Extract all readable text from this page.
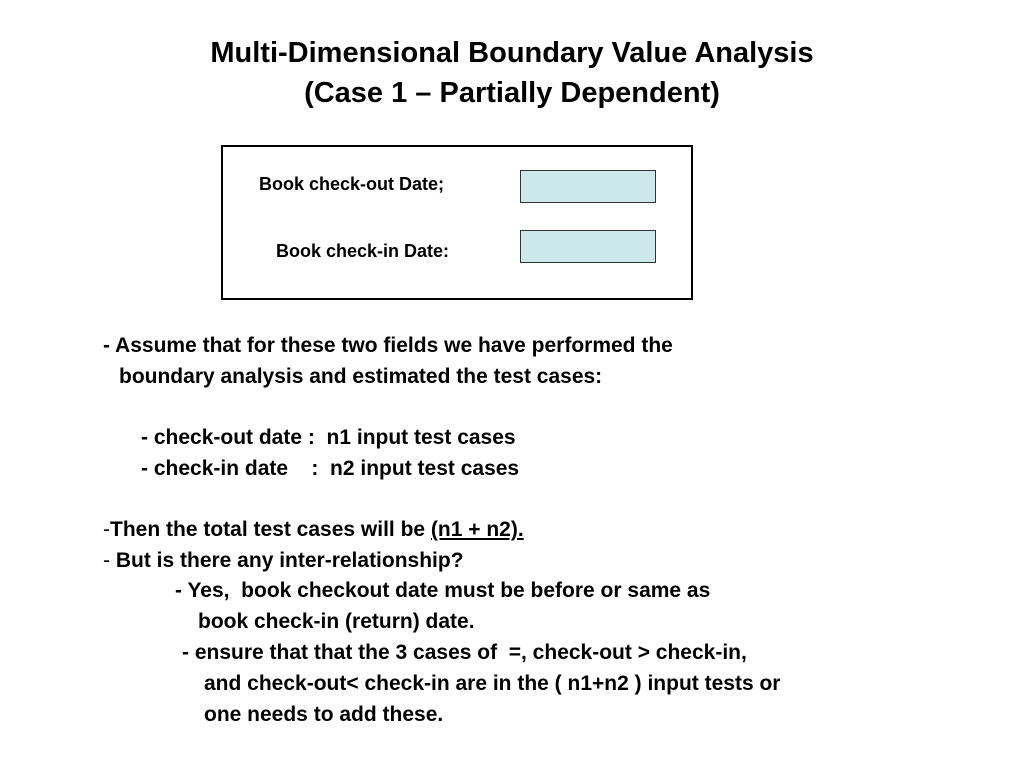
Multi-Dimensional Boundary Value Analysis
(Case 1 – Partially Dependent)
Book check-out Date;
Book check-in Date:
- Assume that for these two fields we have performed the
boundary analysis and estimated the test cases:
- check-out date :  n1 input test cases
- check-in date    :  n2 input test cases
-Then the total test cases will be (n1 + n2).
- But is there any inter-relationship?
- Yes,  book checkout date must be before or same as
book check-in (return) date.
- ensure that that the 3 cases of  =, check-out > check-in,
and check-out< check-in are in the ( n1+n2 ) input tests or
one needs to add these.
